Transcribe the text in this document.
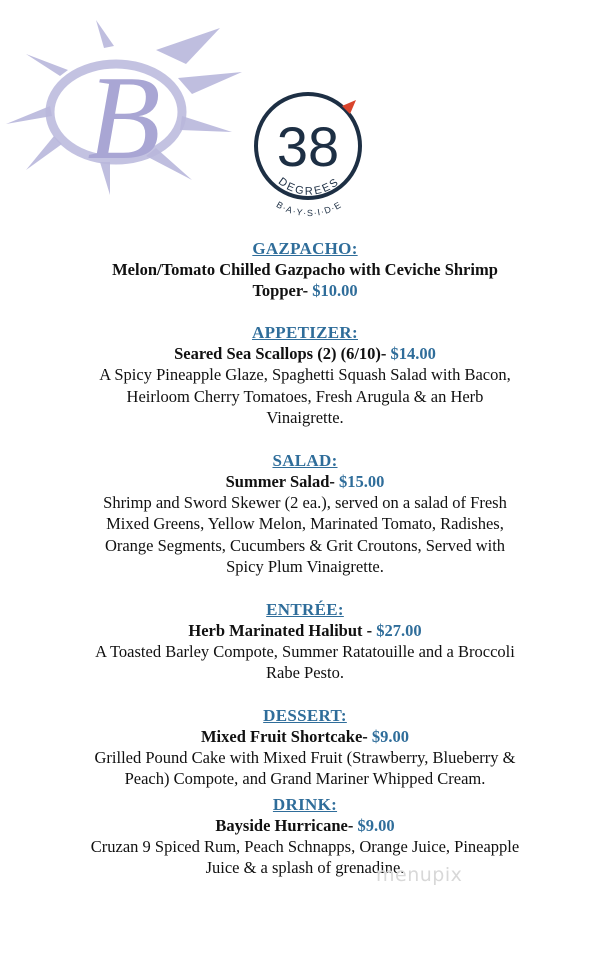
B 38
DEGREES
B·A·Y·S·I·D·E
GAZPACHO:
Melon/Tomato Chilled Gazpacho with Ceviche Shrimp
Topper- $10.00
APPETIZER:
Seared Sea Scallops (2) (6/10)- $14.00
A Spicy Pineapple Glaze, Spaghetti Squash Salad with Bacon,
Heirloom Cherry Tomatoes, Fresh Arugula & an Herb
Vinaigrette.
SALAD:
Summer Salad- $15.00
Shrimp and Sword Skewer (2 ea.), served on a salad of Fresh
Mixed Greens, Yellow Melon, Marinated Tomato, Radishes,
Orange Segments, Cucumbers & Grit Croutons, Served with
Spicy Plum Vinaigrette.
ENTRÉE:
Herb Marinated Halibut - $27.00
A Toasted Barley Compote, Summer Ratatouille and a Broccoli
Rabe Pesto.
DESSERT:
Mixed Fruit Shortcake- $9.00
Grilled Pound Cake with Mixed Fruit (Strawberry, Blueberry &
Peach) Compote, and Grand Mariner Whipped Cream.
DRINK:
Bayside Hurricane- $9.00
Cruzan 9 Spiced Rum, Peach Schnapps, Orange Juice, Pineapple
Juice & a splash of grenadine.
menupix
